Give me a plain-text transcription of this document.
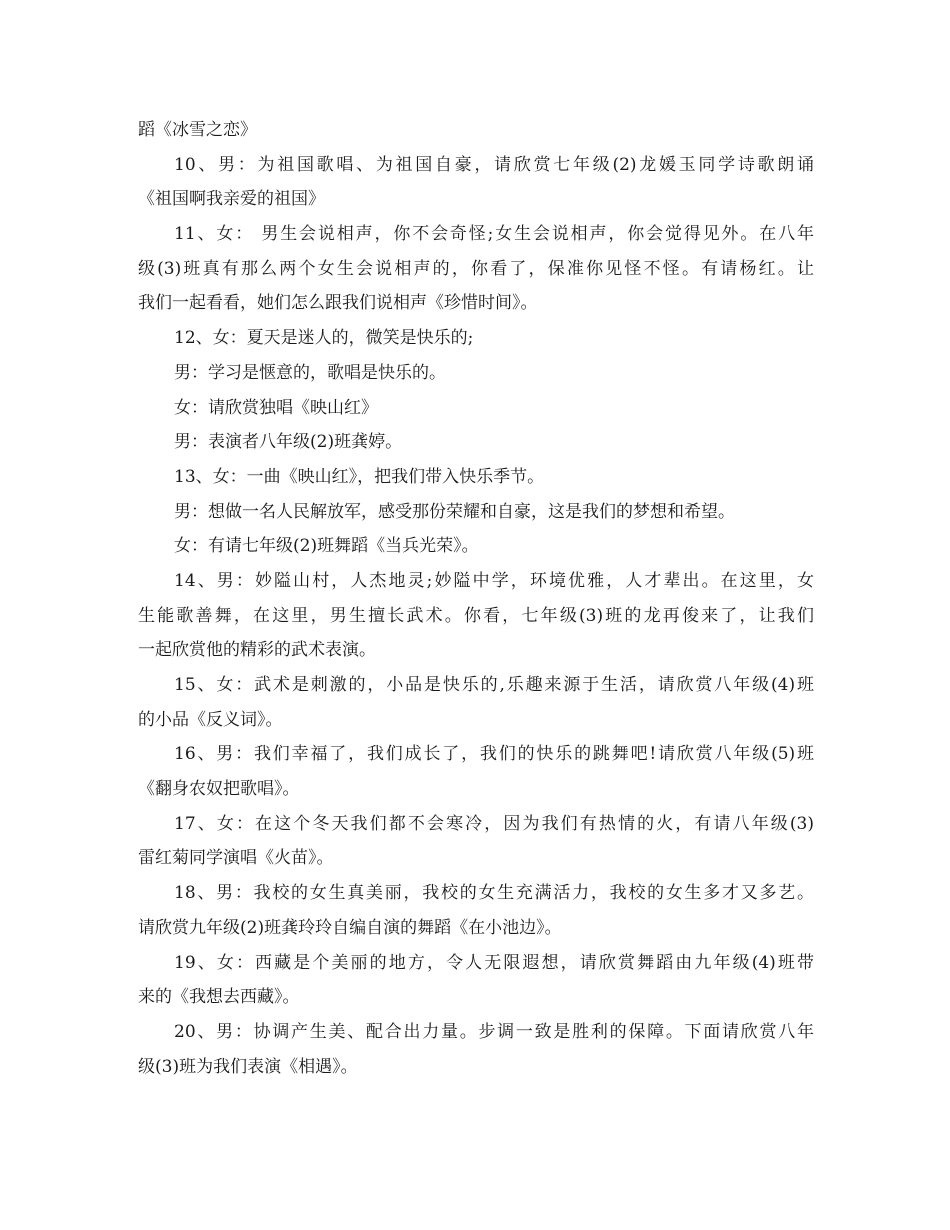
蹈《冰雪之恋》
10、男：为祖国歌唱、为祖国自豪，请欣赏七年级(2)龙媛玉同学诗歌朗诵
《祖国啊我亲爱的祖国》
11、女： 男生会说相声，你不会奇怪;女生会说相声，你会觉得见外。在八年
级(3)班真有那么两个女生会说相声的，你看了，保准你见怪不怪。有请杨红。让
我们一起看看，她们怎么跟我们说相声《珍惜时间》。
12、女：夏天是迷人的，微笑是快乐的;
男：学习是惬意的，歌唱是快乐的。
女：请欣赏独唱《映山红》
男：表演者八年级(2)班龚婷。
13、女：一曲《映山红》，把我们带入快乐季节。
男：想做一名人民解放军，感受那份荣耀和自豪，这是我们的梦想和希望。
女：有请七年级(2)班舞蹈《当兵光荣》。
14、男：妙隘山村，人杰地灵;妙隘中学，环境优雅，人才辈出。在这里，女
生能歌善舞，在这里，男生擅长武术。你看，七年级(3)班的龙再俊来了，让我们
一起欣赏他的精彩的武术表演。
15、女：武术是刺激的，小品是快乐的,乐趣来源于生活，请欣赏八年级(4)班
的小品《反义词》。
16、男：我们幸福了，我们成长了，我们的快乐的跳舞吧!请欣赏八年级(5)班
《翻身农奴把歌唱》。
17、女：在这个冬天我们都不会寒冷，因为我们有热情的火，有请八年级(3)
雷红菊同学演唱《火苗》。
18、男：我校的女生真美丽，我校的女生充满活力，我校的女生多才又多艺。
请欣赏九年级(2)班龚玲玲自编自演的舞蹈《在小池边》。
19、女：西藏是个美丽的地方，令人无限遐想，请欣赏舞蹈由九年级(4)班带
来的《我想去西藏》。
20、男：协调产生美、配合出力量。步调一致是胜利的保障。下面请欣赏八年
级(3)班为我们表演《相遇》。
